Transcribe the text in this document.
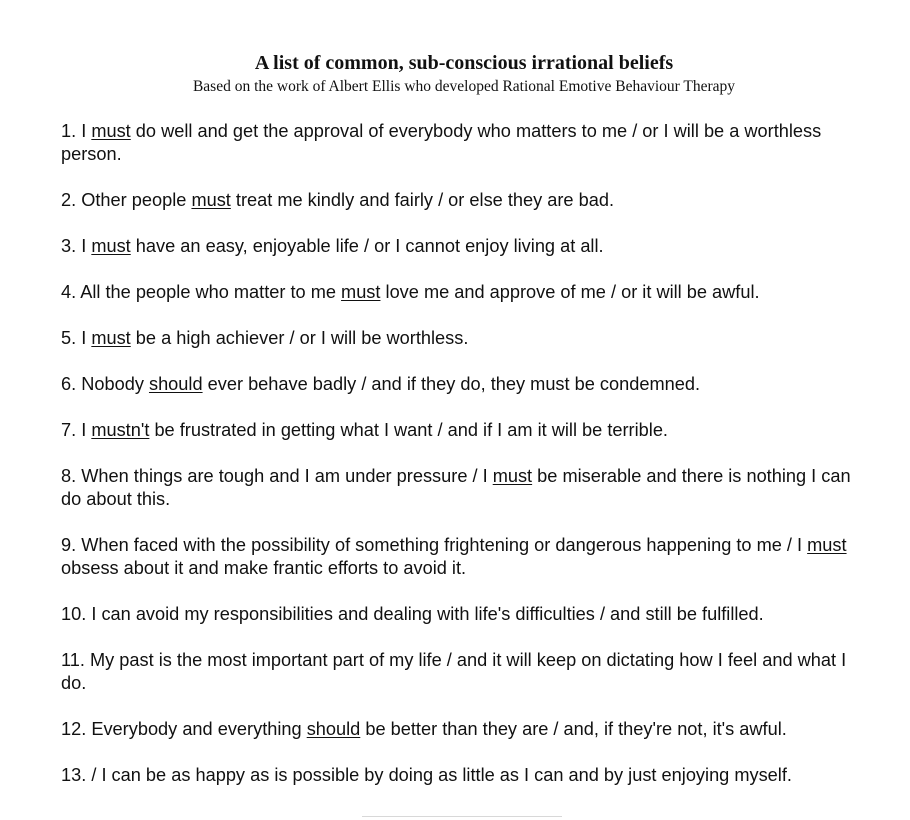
A list of common, sub-conscious irrational beliefs

Based on the work of Albert Ellis who developed Rational Emotive Behaviour Therapy

1. I must do well and get the approval of everybody who matters to me / or I will be a worthless person.

2. Other people must treat me kindly and fairly / or else they are bad.

3. I must have an easy, enjoyable life / or I cannot enjoy living at all.

4. All the people who matter to me must love me and approve of me / or it will be awful.

5. I must be a high achiever / or I will be worthless.

6. Nobody should ever behave badly / and if they do, they must be condemned.

7. I mustn't be frustrated in getting what I want / and if I am it will be terrible.

8. When things are tough and I am under pressure / I must be miserable and there is nothing I can do about this.

9. When faced with the possibility of something frightening or dangerous happening to me / I must obsess about it and make frantic efforts to avoid it.

10. I can avoid my responsibilities and dealing with life's difficulties / and still be fulfilled.

11. My past is the most important part of my life / and it will keep on dictating how I feel and what I do.

12. Everybody and everything should be better than they are / and, if they're not, it's awful.

13. / I can be as happy as is possible by doing as little as I can and by just enjoying myself.
